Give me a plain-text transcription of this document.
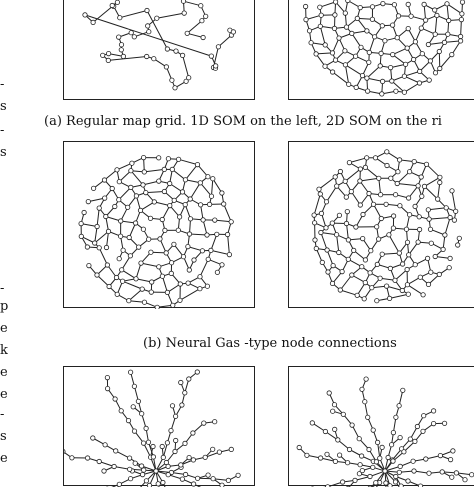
-
s
-
s
-
p
e
k
e
e
-
s
e
(a) Regular map grid. 1D SOM on the left, 2D SOM on the ri
(b) Neural Gas -type node connections
